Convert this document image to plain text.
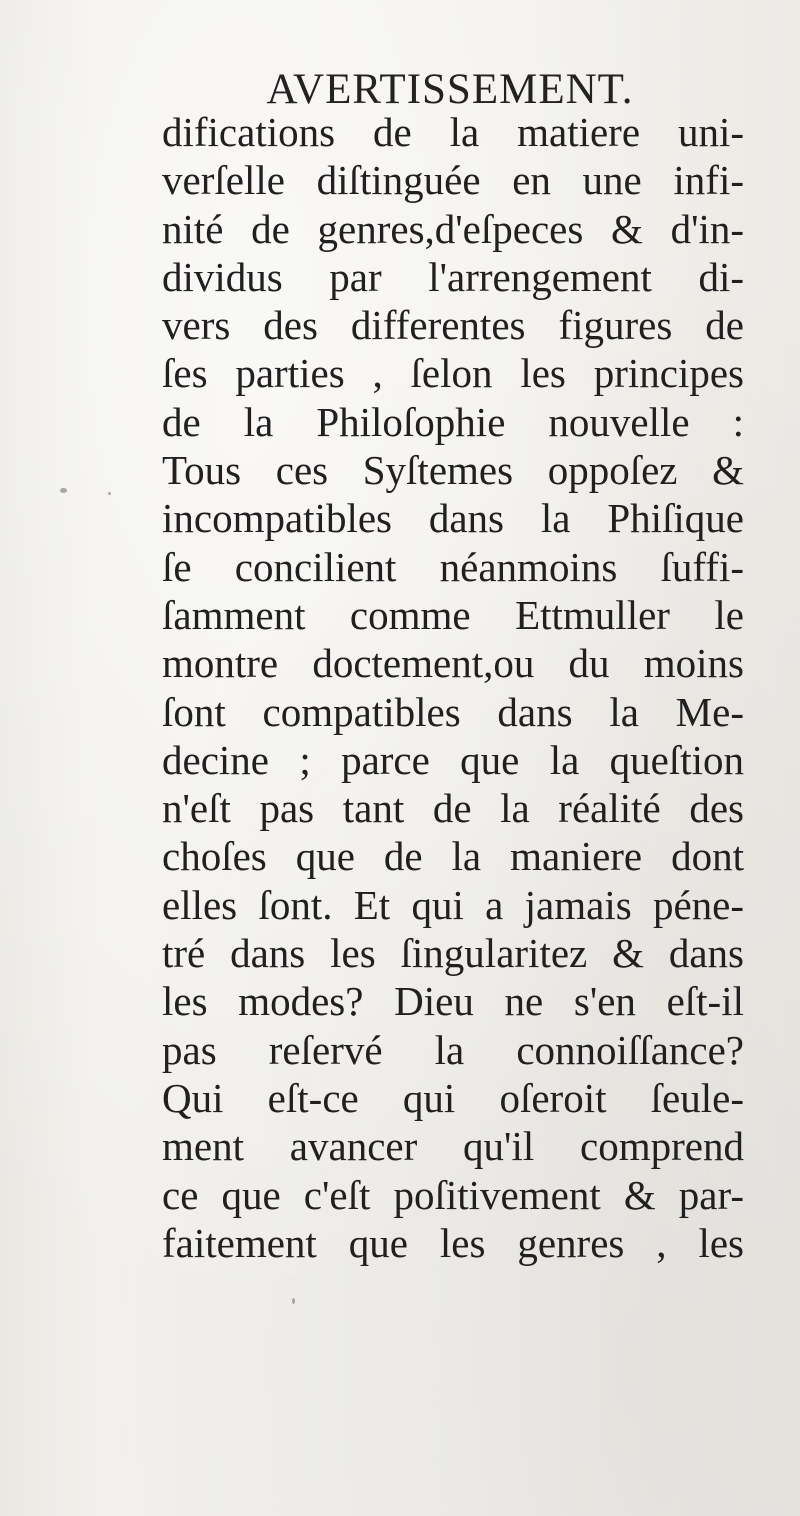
AVERTISSEMENT.
difications de la matiere uni-
verſelle diſtinguée en une infi-
nité de genres,d'eſpeces & d'in-
dividus par l'arrengement di-
vers des differentes figures de
ſes parties , ſelon les principes
de la Philoſophie nouvelle :
Tous ces Syſtemes oppoſez &
incompatibles dans la Phiſique
ſe concilient néanmoins ſuffi-
ſamment comme Ettmuller le
montre doctement,ou du moins
ſont compatibles dans la Me-
decine ; parce que la queſtion
n'eſt pas tant de la réalité des
choſes que de la maniere dont
elles ſont. Et qui a jamais péne-
tré dans les ſingularitez & dans
les modes? Dieu ne s'en eſt-il
pas reſervé la connoiſſance?
Qui eſt-ce qui oſeroit ſeule-
ment avancer qu'il comprend
ce que c'eſt poſitivement & par-
faitement que les genres , les
